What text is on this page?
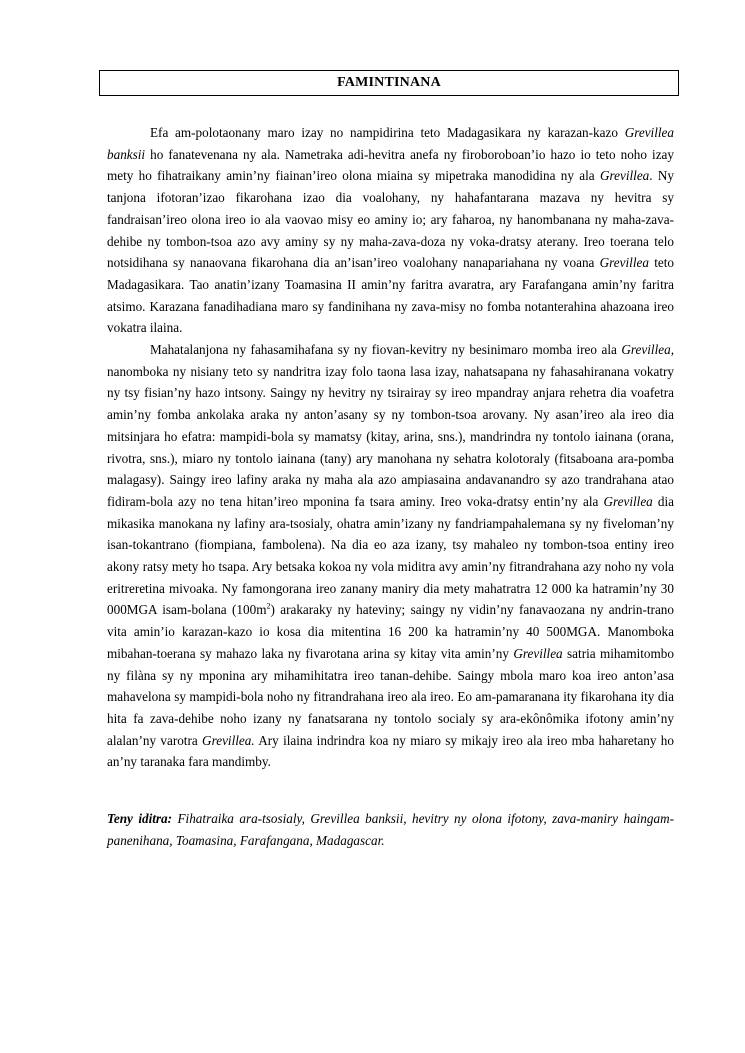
FAMINTINANA

Efa am-polotaonany maro izay no nampidirina teto Madagasikara ny karazan-kazo Grevillea banksii ho fanatevenana ny ala. Nametraka adi-hevitra anefa ny firoboroboan’io hazo io teto noho izay mety ho fihatraikany amin’ny fiainan’ireo olona miaina sy mipetraka manodidina ny ala Grevillea. Ny tanjona ifotoran’izao fikarohana izao dia voalohany, ny hahafantarana mazava ny hevitra sy fandraisan’ireo olona ireo io ala vaovao misy eo aminy io; ary faharoa, ny hanombanana ny maha-zava-dehibe ny tombon-tsoa azo avy aminy sy ny maha-zava-doza ny voka-dratsy aterany. Ireo toerana telo notsidihana sy nanaovana fikarohana dia an’isan’ireo voalohany nanapariahana ny voana Grevillea teto Madagasikara. Tao anatin’izany Toamasina II amin’ny faritra avaratra, ary Farafangana amin’ny faritra atsimo. Karazana fanadihadiana maro sy fandinihana ny zava-misy no fomba notanterahina ahazoana ireo vokatra ilaina.

Mahatalanjona ny fahasamihafana sy ny fiovan-kevitry ny besinimaro momba ireo ala Grevillea, nanomboka ny nisiany teto sy nandritra izay folo taona lasa izay, nahatsapana ny fahasahiranana vokatry ny tsy fisian’ny hazo intsony. Saingy ny hevitry ny tsirairay sy ireo mpandray anjara rehetra dia voafetra amin’ny fomba ankolaka araka ny anton’asany sy ny tombon-tsoa arovany. Ny asan’ireo ala ireo dia mitsinjara ho efatra: mampidi-bola sy mamatsy (kitay, arina, sns.), mandrindra ny tontolo iainana (orana, rivotra, sns.), miaro ny tontolo iainana (tany) ary manohana ny sehatra kolotoraly (fitsaboana ara-pomba malagasy). Saingy ireo lafiny araka ny maha ala azo ampiasaina andavanandro sy azo trandrahana atao fidiram-bola azy no tena hitan’ireo mponina fa tsara aminy. Ireo voka-dratsy entin’ny ala Grevillea dia mikasika manokana ny lafiny ara-tsosialy, ohatra amin’izany ny fandriampahalemana sy ny fiveloman’ny isan-tokantrano (fiompiana, fambolena). Na dia eo aza izany, tsy mahaleo ny tombon-tsoa entiny ireo akony ratsy mety ho tsapa. Ary betsaka kokoa ny vola miditra avy amin’ny fitrandrahana azy noho ny vola eritreretina mivoaka. Ny famongorana ireo zanany maniry dia mety mahatratra 12 000 ka hatramin’ny 30 000MGA isam-bolana $(100m^2)$ arakaraky ny hateviny; saingy ny vidin’ny fanavaozana ny andrin-trano vita amin’io karazan-kazo io kosa dia mitentina 16 200 ka hatramin’ny 40 500MGA. Manomboka mibahan-toerana sy mahazo laka ny fivarotana arina sy kitay vita amin’ny Grevillea satria mihamitombo ny filàna sy ny mponina ary mihamihitatra ireo tanan-dehibe. Saingy mbola maro koa ireo anton’asa mahavelona sy mampidi-bola noho ny fitrandrahana ireo ala ireo. Eo am-pamaranana ity fikarohana ity dia hita fa zava-dehibe noho izany ny fanatsarana ny tontolo socialy sy ara-ekônômika ifotony amin’ny alalan’ny varotra Grevillea. Ary ilaina indrindra koa ny miaro sy mikajy ireo ala ireo mba haharetany ho an’ny taranaka fara mandimby.

Teny iditra: Fihatraika ara-tsosialy, Grevillea banksii, hevitry ny olona ifotony, zava-maniry haingam-panenihana, Toamasina, Farafangana, Madagascar.
